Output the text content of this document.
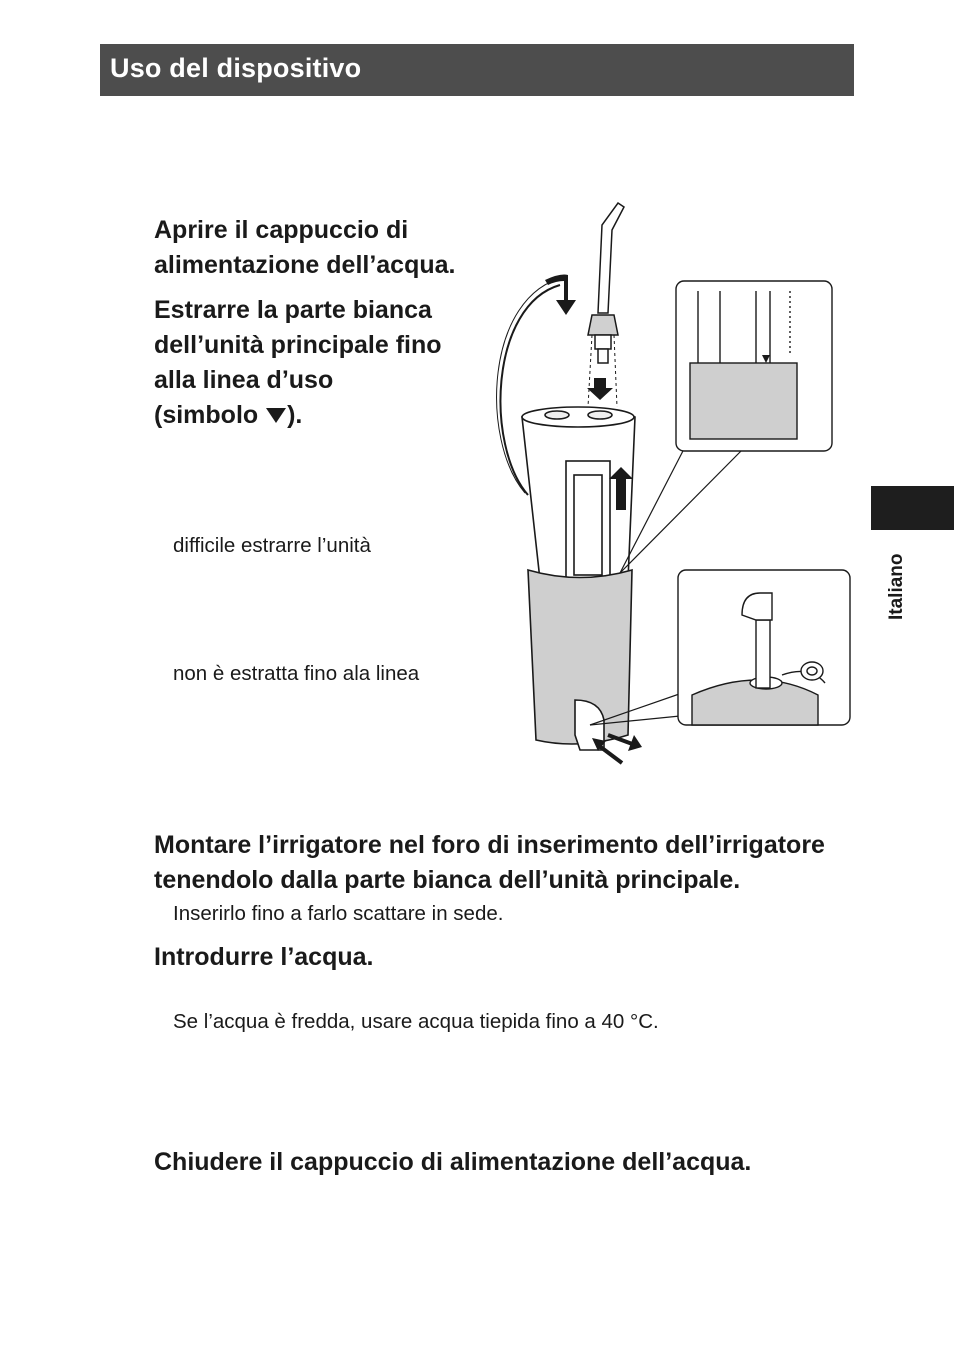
Uso del dispositivo
Aprire il cappuccio di alimentazione dell’acqua.
Estrarre la parte bianca
dell’unità principale fino
alla linea d’uso
(simbolo ).
difficile estrarre l’unità
non è estratta fino ala linea
Montare l’irrigatore nel foro di inserimento dell’irrigatore
tenendolo dalla parte bianca dell’unità principale.
Inserirlo fino a farlo scattare in sede.
Introdurre l’acqua.
Se l’acqua è fredda, usare acqua tiepida fino a 40 °C.
Chiudere il cappuccio di alimentazione dell’acqua.
Italiano
